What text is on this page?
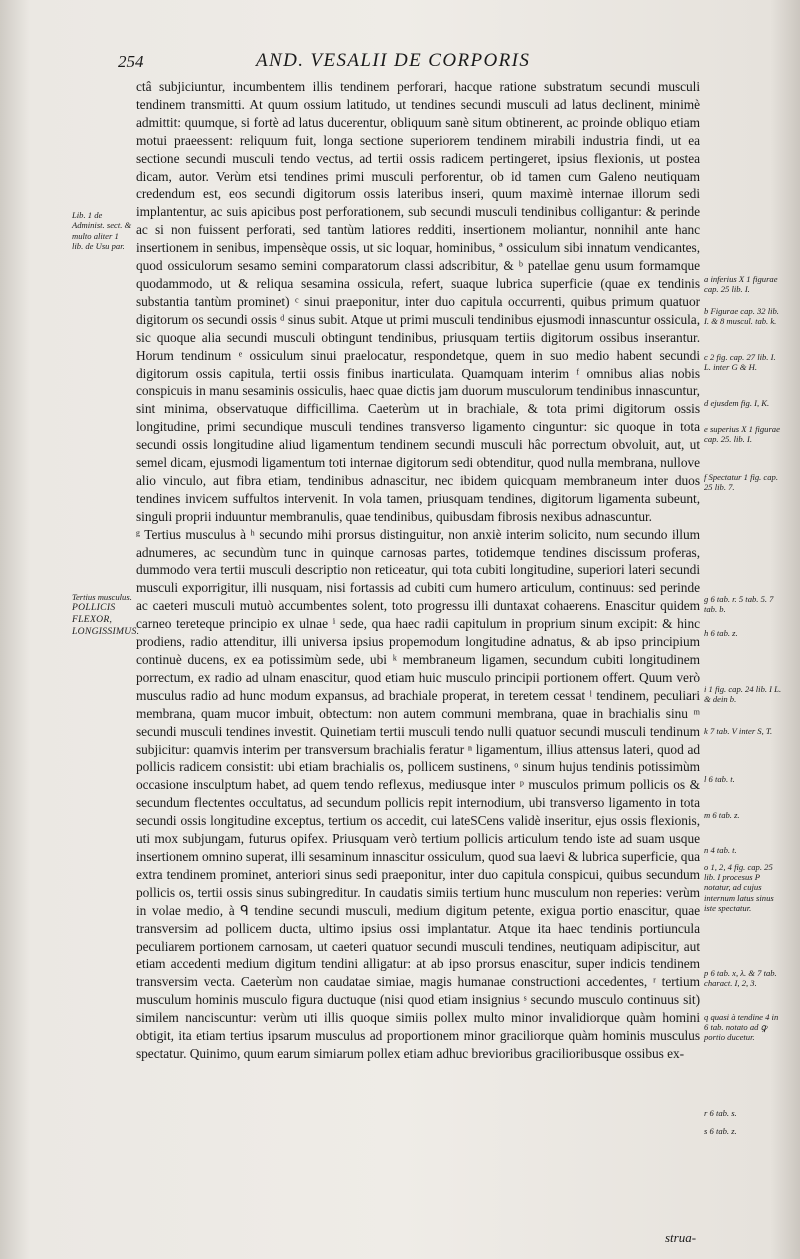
254	AND. VESALII DE CORPORIS
Lib. 1 de Administ. sect. & multo aliter 1 lib. de Usu par.
Tertius musculus.
POLLICIS FLEXOR, LONGISSIMUS.

ctâ subjiciuntur, incumbentem illis tendinem perforari, hacque ratione substratum secundi musculi tendinem transmitti. At quum ossium latitudo, ut tendines secundi musculi ad latus declinent, minimè admittit: quumque, si fortè ad latus ducerentur, obliquum sanè situm obtinerent, ac proinde obliquo etiam motui praeessent: reliquum fuit, longa sectione superiorem tendinem mirabili industria findi, ut ea sectione secundi musculi tendo vectus, ad tertii ossis radicem pertingeret, ipsius flexionis, ut postea dicam, autor. Verùm etsi tendines primi musculi perforentur, ob id tamen cum Galeno neutiquam credendum est, eos secundi digitorum ossis lateribus inseri, quum maximè internae illorum sedi implantentur, ac suis apicibus post perforationem, sub secundi musculi tendinibus colligantur: & perinde ac si non fuissent perforati, sed tantùm latiores redditi, insertionem moliantur, nonnihil ante hanc insertionem in senibus, impensèque ossis, ut sic loquar, hominibus, ª ossiculum sibi innatum vendicantes, quod ossiculorum sesamo semini comparatorum classi adscribitur, & ᵇ patellae genu usum formamque quodammodo, ut & reliqua sesamina ossicula, refert, suaque lubrica superficie (quae ex tendinis substantia tantùm prominet) ᶜ sinui praeponitur, inter duo capitula occurrenti, quibus primum quatuor digitorum os secundi ossis ᵈ sinus subit. Atque ut primi musculi tendinibus ejusmodi innascuntur ossicula, sic quoque alia secundi musculi obtingunt tendinibus, priusquam tertiis digitorum ossibus inserantur. Horum tendinum ᵉ ossiculum sinui praelocatur, respondetque, quem in suo medio habent secundi digitorum ossis capitula, tertii ossis finibus inarticulata. Quamquam interim ᶠ omnibus alias nobis conspicuis in manu sesaminis ossiculis, haec quae dictis jam duorum musculorum tendinibus innascuntur, sint minima, observatuque difficillima. Caeterùm ut in brachiale, & tota primi digitorum ossis longitudine, primi secundique musculi tendines transverso ligamento cinguntur: sic quoque in tota secundi ossis longitudine aliud ligamentum tendinem secundi musculi hâc porrectum obvoluit, aut, ut semel dicam, ejusmodi ligamentum toti internae digitorum sedi obtenditur, quod nulla membrana, nullove alio vinculo, aut fibra etiam, tendinibus adnascitur, nec ibidem quicquam membraneum inter duos tendines invicem suffultos intervenit. In vola tamen, priusquam tendines, digitorum ligamenta subeunt, singuli proprii induuntur membranulis, quae tendinibus, quibusdam fibrosis nexibus adnascuntur.

ᵍ Tertius musculus à ʰ secundo mihi prorsus distinguitur, non anxiè interim solicito, num secundo illum adnumeres, ac secundùm tunc in quinque carnosas partes, totidemque tendines discissum proferas, dummodo vera tertii musculi descriptio non reticeatur, qui tota cubiti longitudine, superiori lateri secundi musculi exporrigitur, illi nusquam, nisi fortassis ad cubiti cum humero articulum, continuus: sed perinde ac caeteri musculi mutuò accumbentes solent, toto progressu illi duntaxat cohaerens. Enascitur quidem carneo tereteque principio ex ulnae ⁱ sede, qua haec radii capitulum in proprium sinum excipit: & hinc prodiens, radio attenditur, illi universa ipsius propemodum longitudine adnatus, & ab ipso principium continuè ducens, ex ea potissimùm sede, ubi ᵏ membraneum ligamen, secundum cubiti longitudinem porrectum, ex radio ad ulnam enascitur, quod etiam huic musculo principii portionem offert. Quum verò musculus radio ad hunc modum expansus, ad brachiale properat, in teretem cessat ˡ tendinem, peculiari membrana, quam mucor imbuit, obtectum: non autem communi membrana, quae in brachialis sinu ᵐ secundi musculi tendines investit. Quinetiam tertii musculi tendo nulli quatuor secundi musculi tendinum subjicitur: quamvis interim per transversum brachialis feratur ⁿ ligamentum, illius attensus lateri, quod ad pollicis radicem consistit: ubi etiam brachialis os, pollicem sustinens, ᵒ sinum hujus tendinis potissimùm occasione insculptum habet, ad quem tendo reflexus, mediusque inter ᵖ musculos primum pollicis os & secundum flectentes occultatus, ad secundum pollicis repit internodium, ubi transverso ligamento in tota secundi ossis longitudine exceptus, tertium os accedit, cui lateSCens validè inseritur, ejus ossis flexionis, uti mox subjungam, futurus opifex. Priusquam verò tertium pollicis articulum tendo iste ad suam usque insertionem omnino superat, illi sesaminum innascitur ossiculum, quod sua laevi & lubrica superficie, qua extra tendinem prominet, anteriori sinus sedi praeponitur, inter duo capitula conspicui, quibus secundum pollicis os, tertii ossis sinus subingreditur. In caudatis simiis tertium hunc musculum non reperies: verùm in volae medio, à ᑫ tendine secundi musculi, medium digitum petente, exigua portio enascitur, quae transversim ad pollicem ducta, ultimo ipsius ossi implantatur. Atque ita haec tendinis portiuncula peculiarem portionem carnosam, ut caeteri quatuor secundi musculi tendines, neutiquam adipiscitur, aut etiam accedenti medium digitum tendini alligatur: at ab ipso prorsus enascitur, super indicis tendinem transversim vecta. Caeterùm non caudatae simiae, magis humanae constructioni accedentes, ʳ tertium musculum hominis musculo figura ductuque (nisi quod etiam insignius ˢ secundo musculo continuus sit) similem nanciscuntur: verùm uti illis quoque simiis pollex multo minor invalidiorque quàm homini obtigit, ita etiam tertius ipsarum musculus ad proportionem minor graciliorque quàm hominis musculus spectatur. Quinimo, quum earum simiarum pollex etiam adhuc brevioribus gracilioribusque ossibus ex-

a inferius X 1 figurae cap. 25 lib. I.
b Figurae cap. 32 lib. I. & 8 muscul. tab. k.
c 2 fig. cap. 27 lib. I. L. inter G & H.
d ejusdem fig. I, K.
e superius X 1 figurae cap. 25. lib. I.
f Spectatur 1 fig. cap. 25 lib. 7.
g 6 tab. r. 5 tab. 5. 7 tab. b.
h 6 tab. z.
i 1 fig. cap. 24 lib. I L. & dein b.
k 7 tab. V inter S, T.
l 6 tab. t.
m 6 tab. z.
n 4 tab. t.
o 1, 2, 4 fig. cap. 25 lib. I procesus P notatur, ad cujus internum latus sinus iste spectatur.
p 6 tab. x, λ. & 7 tab. charact. I, 2, 3.
q quasi à tendine 4 in 6 tab. notato ad ꝙ portio ducetur.
r 6 tab. s.
s 6 tab. z.
strua-
